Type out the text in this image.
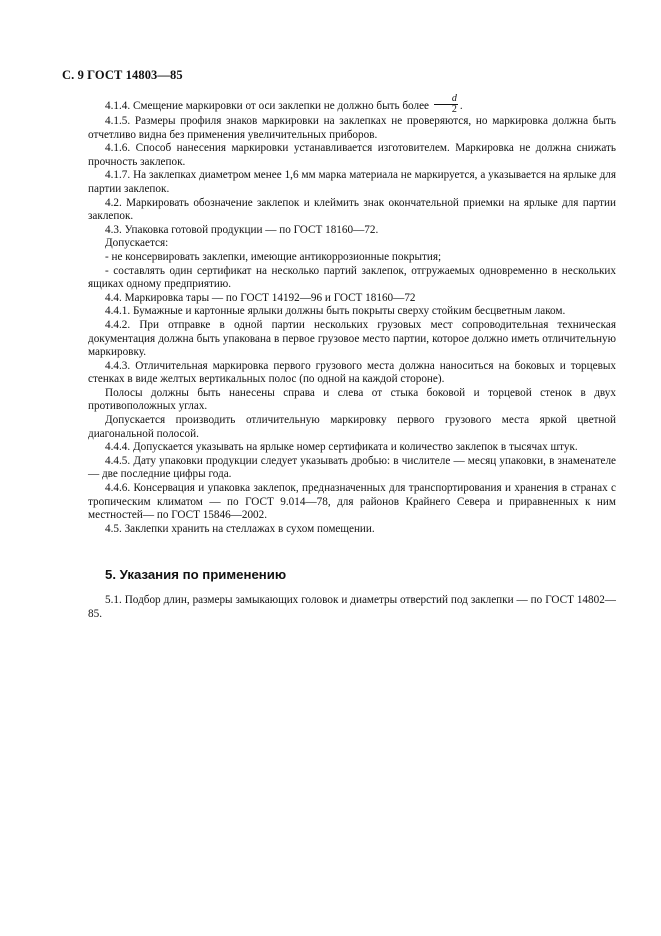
С. 9 ГОСТ 14803—85

4.1.4. Смещение маркировки от оси заклепки не должно быть более $\frac{d}{2}$ .

4.1.5. Размеры профиля знаков маркировки на заклепках не проверяются, но маркировка должна быть отчетливо видна без применения увеличительных приборов.

4.1.6. Способ нанесения маркировки устанавливается изготовителем. Маркировка не должна снижать прочность заклепок.

4.1.7. На заклепках диаметром менее 1,6 мм марка материала не маркируется, а указывается на ярлыке для партии заклепок.

4.2. Маркировать обозначение заклепок и клеймить знак окончательной приемки на ярлыке для партии заклепок.

4.3. Упаковка готовой продукции — по ГОСТ 18160—72.

Допускается:

- не консервировать заклепки, имеющие антикоррозионные покрытия;

- составлять один сертификат на несколько партий заклепок, отгружаемых одновременно в нескольких ящиках одному предприятию.

4.4. Маркировка тары — по ГОСТ 14192—96 и ГОСТ 18160—72

4.4.1. Бумажные и картонные ярлыки должны быть покрыты сверху стойким бесцветным лаком.

4.4.2. При отправке в одной партии нескольких грузовых мест сопроводительная техническая документация должна быть упакована в первое грузовое место партии, которое должно иметь отличительную маркировку.

4.4.3. Отличительная маркировка первого грузового места должна наноситься на боковых и торцевых стенках в виде желтых вертикальных полос (по одной на каждой стороне).

Полосы должны быть нанесены справа и слева от стыка боковой и торцевой стенок в двух противоположных углах.

Допускается производить отличительную маркировку первого грузового места яркой цветной диагональной полосой.

4.4.4. Допускается указывать на ярлыке номер сертификата и количество заклепок в тысячах штук.

4.4.5. Дату упаковки продукции следует указывать дробью: в числителе — месяц упаковки, в знаменателе — две последние цифры года.

4.4.6. Консервация и упаковка заклепок, предназначенных для транспортирования и хранения в странах с тропическим климатом — по ГОСТ 9.014—78, для районов Крайнего Севера и приравненных к ним местностей— по ГОСТ 15846—2002.

4.5. Заклепки хранить на стеллажах в сухом помещении.

5. Указания по применению

5.1. Подбор длин, размеры замыкающих головок и диаметры отверстий под заклепки — по ГОСТ 14802—85.
